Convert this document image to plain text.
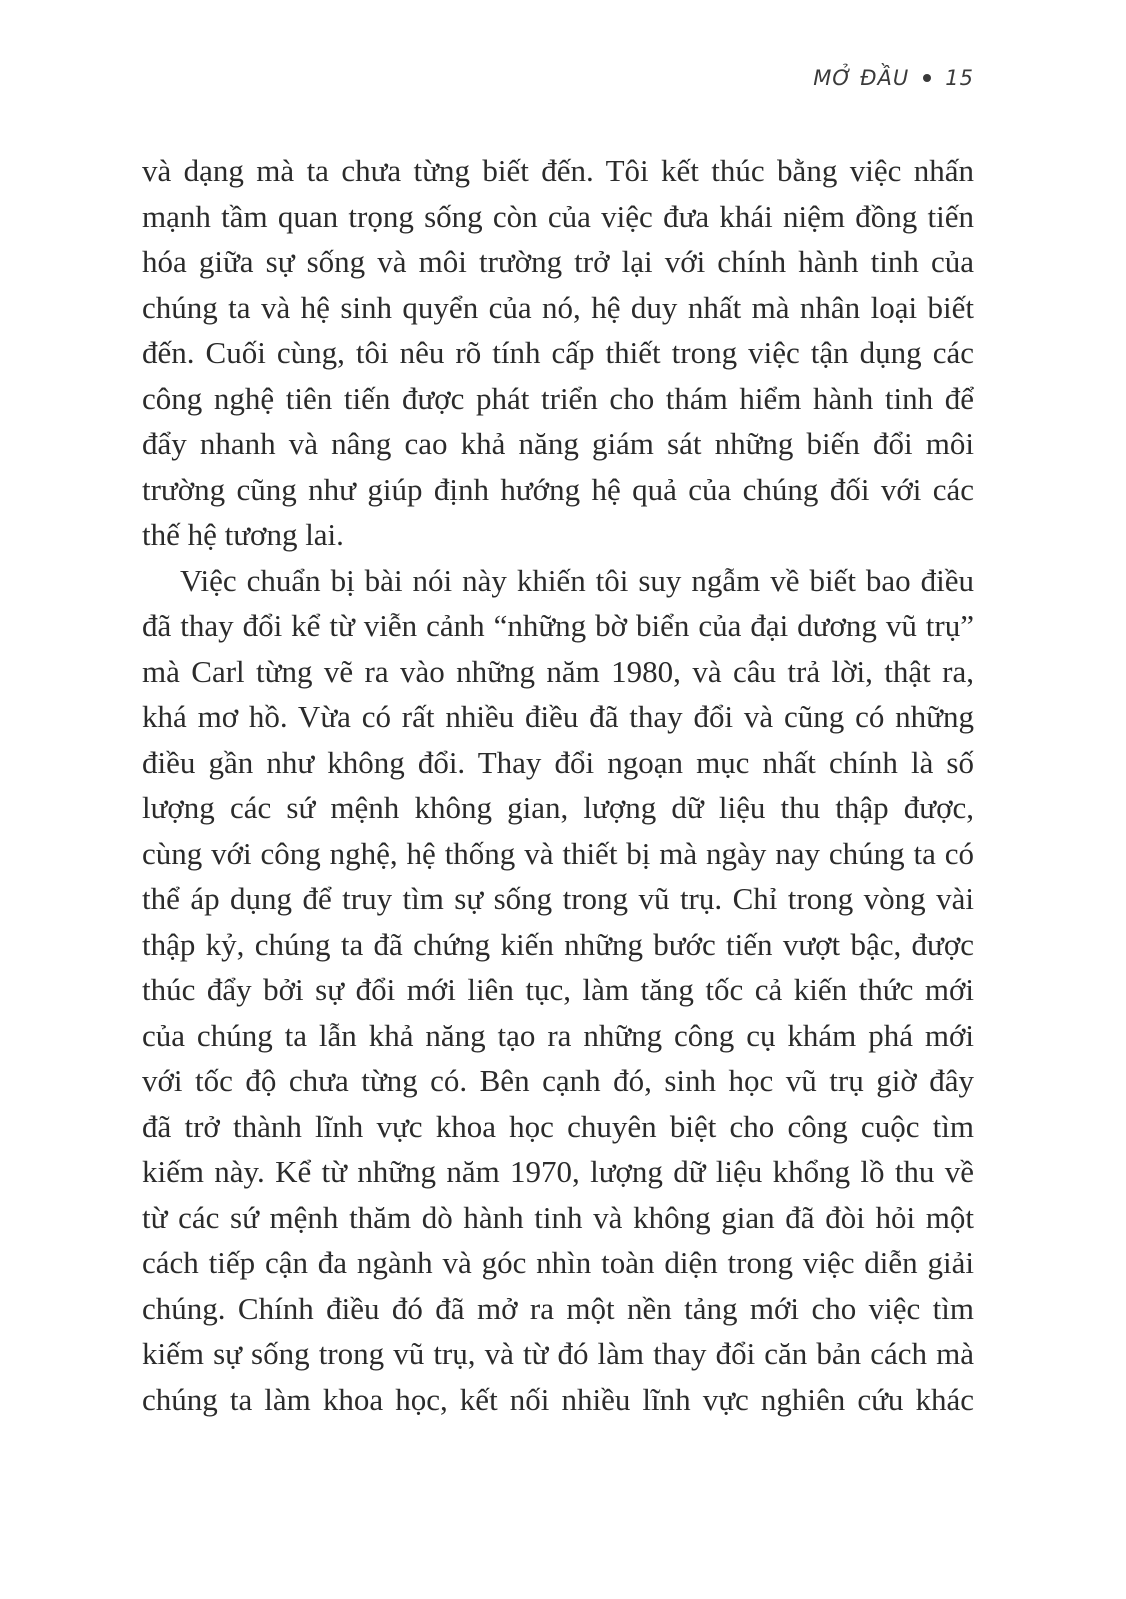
MỞ ĐẦU 15
và dạng mà ta chưa từng biết đến. Tôi kết thúc bằng việc nhấn
mạnh tầm quan trọng sống còn của việc đưa khái niệm đồng tiến
hóa giữa sự sống và môi trường trở lại với chính hành tinh của
chúng ta và hệ sinh quyển của nó, hệ duy nhất mà nhân loại biết
đến. Cuối cùng, tôi nêu rõ tính cấp thiết trong việc tận dụng các
công nghệ tiên tiến được phát triển cho thám hiểm hành tinh để
đẩy nhanh và nâng cao khả năng giám sát những biến đổi môi
trường cũng như giúp định hướng hệ quả của chúng đối với các
thế hệ tương lai.
Việc chuẩn bị bài nói này khiến tôi suy ngẫm về biết bao điều
đã thay đổi kể từ viễn cảnh “những bờ biển của đại dương vũ trụ”
mà Carl từng vẽ ra vào những năm 1980, và câu trả lời, thật ra,
khá mơ hồ. Vừa có rất nhiều điều đã thay đổi và cũng có những
điều gần như không đổi. Thay đổi ngoạn mục nhất chính là số
lượng các sứ mệnh không gian, lượng dữ liệu thu thập được,
cùng với công nghệ, hệ thống và thiết bị mà ngày nay chúng ta có
thể áp dụng để truy tìm sự sống trong vũ trụ. Chỉ trong vòng vài
thập kỷ, chúng ta đã chứng kiến những bước tiến vượt bậc, được
thúc đẩy bởi sự đổi mới liên tục, làm tăng tốc cả kiến thức mới
của chúng ta lẫn khả năng tạo ra những công cụ khám phá mới
với tốc độ chưa từng có. Bên cạnh đó, sinh học vũ trụ giờ đây
đã trở thành lĩnh vực khoa học chuyên biệt cho công cuộc tìm
kiếm này. Kể từ những năm 1970, lượng dữ liệu khổng lồ thu về
từ các sứ mệnh thăm dò hành tinh và không gian đã đòi hỏi một
cách tiếp cận đa ngành và góc nhìn toàn diện trong việc diễn giải
chúng. Chính điều đó đã mở ra một nền tảng mới cho việc tìm
kiếm sự sống trong vũ trụ, và từ đó làm thay đổi căn bản cách mà
chúng ta làm khoa học, kết nối nhiều lĩnh vực nghiên cứu khác
